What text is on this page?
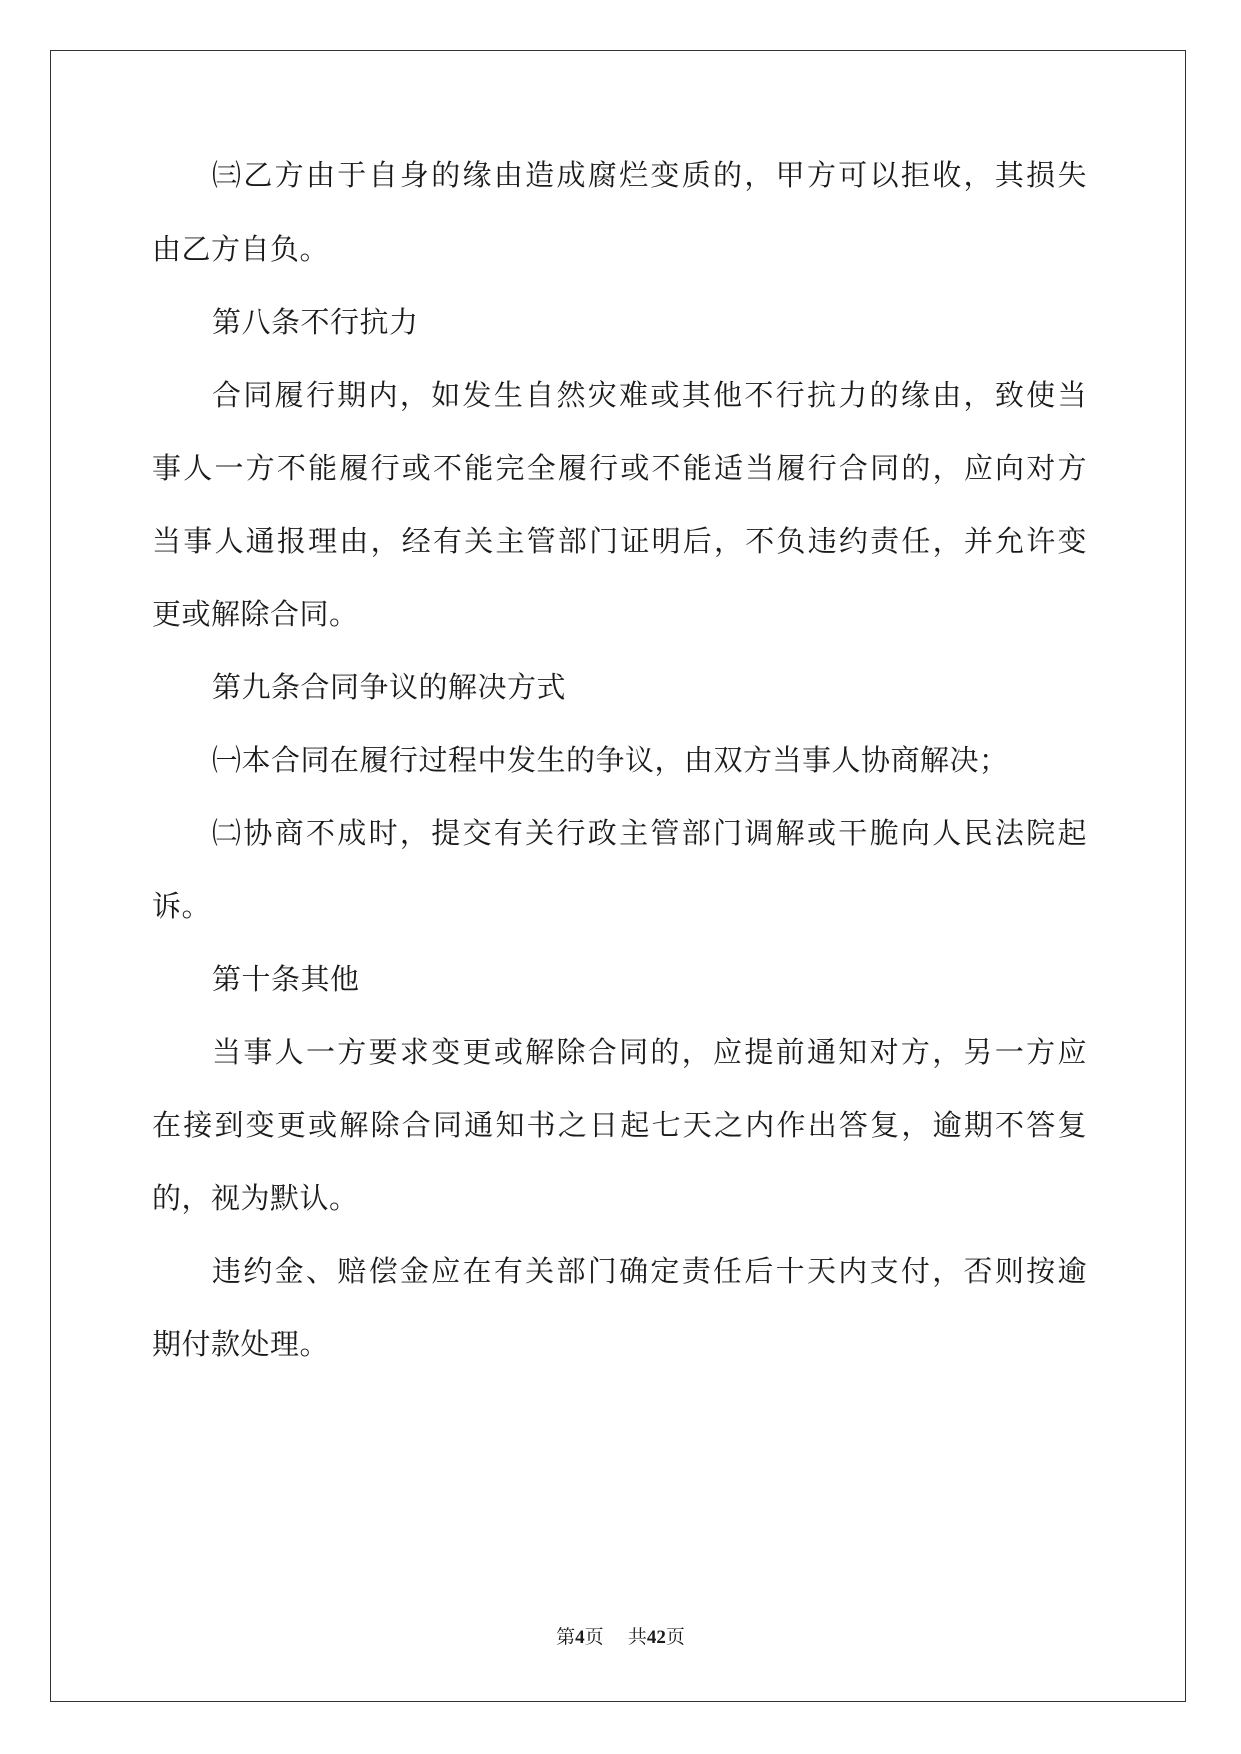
㈢乙方由于自身的缘由造成腐烂变质的，甲方可以拒收，其损失
由乙方自负。
第八条不行抗力
合同履行期内，如发生自然灾难或其他不行抗力的缘由，致使当
事人一方不能履行或不能完全履行或不能适当履行合同的，应向对方
当事人通报理由，经有关主管部门证明后，不负违约责任，并允许变
更或解除合同。
第九条合同争议的解决方式
㈠本合同在履行过程中发生的争议，由双方当事人协商解决；
㈡协商不成时，提交有关行政主管部门调解或干脆向人民法院起
诉。
第十条其他
当事人一方要求变更或解除合同的，应提前通知对方，另一方应
在接到变更或解除合同通知书之日起七天之内作出答复，逾期不答复
的，视为默认。
违约金、赔偿金应在有关部门确定责任后十天内支付，否则按逾
期付款处理。
第4页 共42页
